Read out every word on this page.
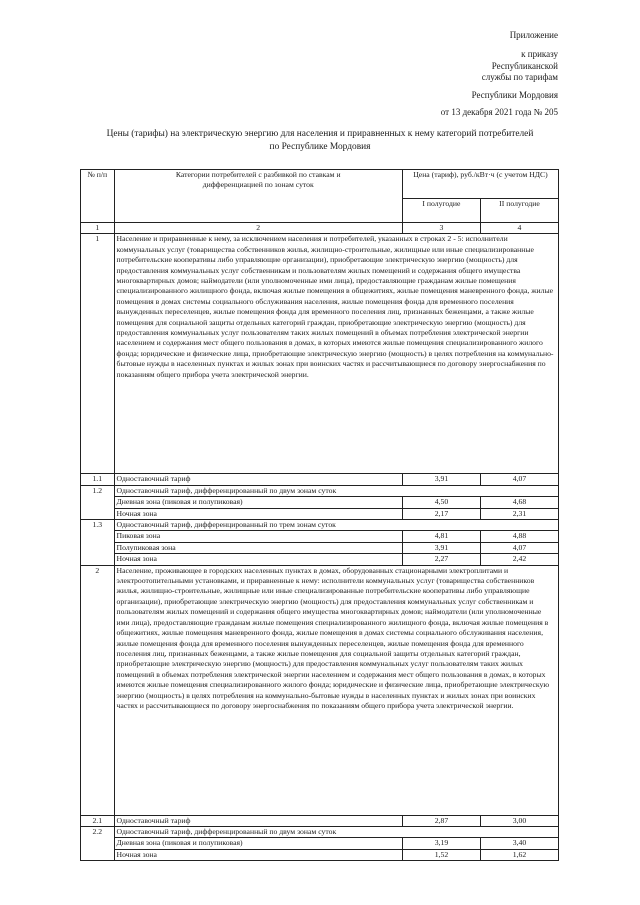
Приложение
к приказу
Республиканской
службы по тарифам
Республики Мордовия
от 13 декабря 2021 года № 205
Цены (тарифы) на электрическую энергию для населения и приравненных к нему категорий потребителей
по Республике Мордовия
№ п/п	Категории потребителей с разбивкой по ставкам и дифференциацией по зонам суток	Цена (тариф), руб./кВт·ч (с учетом НДС)	
		I полугодие	II полугодие
1	2	3	4
1	Население и приравненные к нему, за исключением населения и потребителей, указанных в строках 2 - 5: исполнители коммунальных услуг (товарищества собственников жилья, жилищно-строительные, жилищные или иные специализированные потребительские кооперативы либо управляющие организации), приобретающие электрическую энергию (мощность) для предоставления коммунальных услуг собственникам и пользователям жилых помещений и содержания общего имущества многоквартирных домов; наймодатели (или уполномоченные ими лица), предоставляющие гражданам жилые помещения специализированного жилищного фонда, включая жилые помещения в общежитиях, жилые помещения маневренного фонда, жилые помещения в домах системы социального обслуживания населения, жилые помещения фонда для временного поселения вынужденных переселенцев, жилые помещения фонда для временного поселения лиц, признанных беженцами, а также жилые помещения для социальной защиты отдельных категорий граждан, приобретающие электрическую энергию (мощность) для предоставления коммунальных услуг пользователям таких жилых помещений в объемах потребления электрической энергии населением и содержания мест общего пользования в домах, в которых имеются жилые помещения специализированного жилого фонда; юридические и физические лица, приобретающие электрическую энергию (мощность) в целях потребления на коммунально-бытовые нужды в населенных пунктах и жилых зонах при воинских частях и рассчитывающиеся по договору энергоснабжения по показаниям общего прибора учета электрической энергии.		
1.1	Одноставочный тариф	3,91	4,07
1.2	Одноставочный тариф, дифференцированный по двум зонам суток		
	Дневная зона (пиковая и полупиковая)	4,50	4,68
	Ночная зона	2,17	2,31
1.3	Одноставочный тариф, дифференцированный по трем зонам суток		
	Пиковая зона	4,81	4,88
	Полупиковая зона	3,91	4,07
	Ночная зона	2,27	2,42
2	Население, проживающее в городских населенных пунктах в домах, оборудованных стационарными электроплитами и электроотопительными установками, и приравненные к нему: исполнители коммунальных услуг (товарищества собственников жилья, жилищно-строительные, жилищные или иные специализированные потребительские кооперативы либо управляющие организации), приобретающие электрическую энергию (мощность) для предоставления коммунальных услуг собственникам и пользователям жилых помещений и содержания общего имущества многоквартирных домов; наймодатели (или уполномоченные ими лица), предоставляющие гражданам жилые помещения специализированного жилищного фонда, включая жилые помещения в общежитиях, жилые помещения маневренного фонда, жилые помещения в домах системы социального обслуживания населения, жилые помещения фонда для временного поселения вынужденных переселенцев, жилые помещения фонда для временного поселения лиц, признанных беженцами, а также жилые помещения для социальной защиты отдельных категорий граждан, приобретающие электрическую энергию (мощность) для предоставления коммунальных услуг пользователям таких жилых помещений в объемах потребления электрической энергии населением и содержания мест общего пользования в домах, в которых имеются жилые помещения специализированного жилого фонда; юридические и физические лица, приобретающие электрическую энергию (мощность) в целях потребления на коммунально-бытовые нужды в населенных пунктах и жилых зонах при воинских частях и рассчитывающиеся по договору энергоснабжения по показаниям общего прибора учета электрической энергии.		
2.1	Одноставочный тариф	2,87	3,00
2.2	Одноставочный тариф, дифференцированный по двум зонам суток		
	Дневная зона (пиковая и полупиковая)	3,19	3,40
	Ночная зона	1,52	1,62
